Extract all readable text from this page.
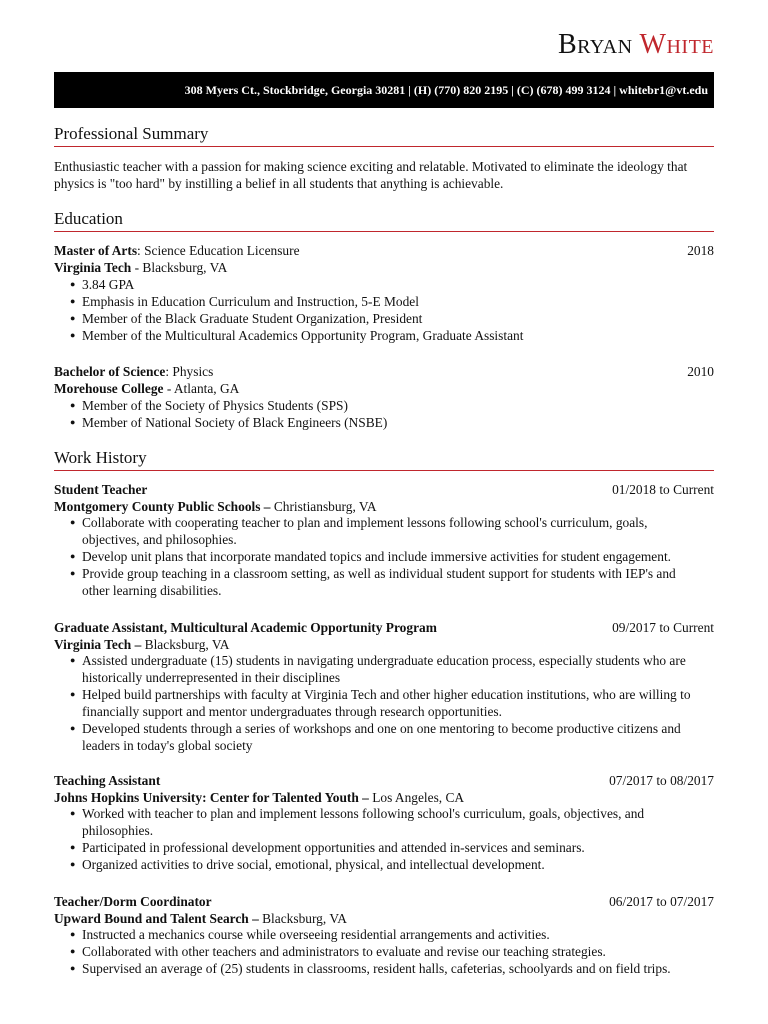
Bryan White
308 Myers Ct., Stockbridge, Georgia 30281 | (H) (770) 820 2195 | (C) (678) 499 3124 | whitebr1@vt.edu
Professional Summary
Enthusiastic teacher with a passion for making science exciting and relatable. Motivated to eliminate the ideology that
physics is "too hard" by instilling a belief in all students that anything is achievable.
Education
Master of Arts: Science Education Licensure	2018
Virginia Tech - Blacksburg, VA
● 3.84 GPA
● Emphasis in Education Curriculum and Instruction, 5-E Model
● Member of the Black Graduate Student Organization, President
● Member of the Multicultural Academics Opportunity Program, Graduate Assistant
Bachelor of Science: Physics	2010
Morehouse College - Atlanta, GA
● Member of the Society of Physics Students (SPS)
● Member of National Society of Black Engineers (NSBE)
Work History
Student Teacher	01/2018 to Current
Montgomery County Public Schools – Christiansburg, VA
● Collaborate with cooperating teacher to plan and implement lessons following school's curriculum, goals,
objectives, and philosophies.
● Develop unit plans that incorporate mandated topics and include immersive activities for student engagement.
● Provide group teaching in a classroom setting, as well as individual student support for students with IEP's and
other learning disabilities.
Graduate Assistant, Multicultural Academic Opportunity Program	09/2017 to Current
Virginia Tech – Blacksburg, VA
● Assisted undergraduate (15) students in navigating undergraduate education process, especially students who are
historically underrepresented in their disciplines
● Helped build partnerships with faculty at Virginia Tech and other higher education institutions, who are willing to
financially support and mentor undergraduates through research opportunities.
● Developed students through a series of workshops and one on one mentoring to become productive citizens and
leaders in today's global society
Teaching Assistant	07/2017 to 08/2017
Johns Hopkins University: Center for Talented Youth – Los Angeles, CA
● Worked with teacher to plan and implement lessons following school's curriculum, goals, objectives, and
philosophies.
● Participated in professional development opportunities and attended in-services and seminars.
● Organized activities to drive social, emotional, physical, and intellectual development.
Teacher/Dorm Coordinator	06/2017 to 07/2017
Upward Bound and Talent Search – Blacksburg, VA
● Instructed a mechanics course while overseeing residential arrangements and activities.
● Collaborated with other teachers and administrators to evaluate and revise our teaching strategies.
● Supervised an average of (25) students in classrooms, resident halls, cafeterias, schoolyards and on field trips.
